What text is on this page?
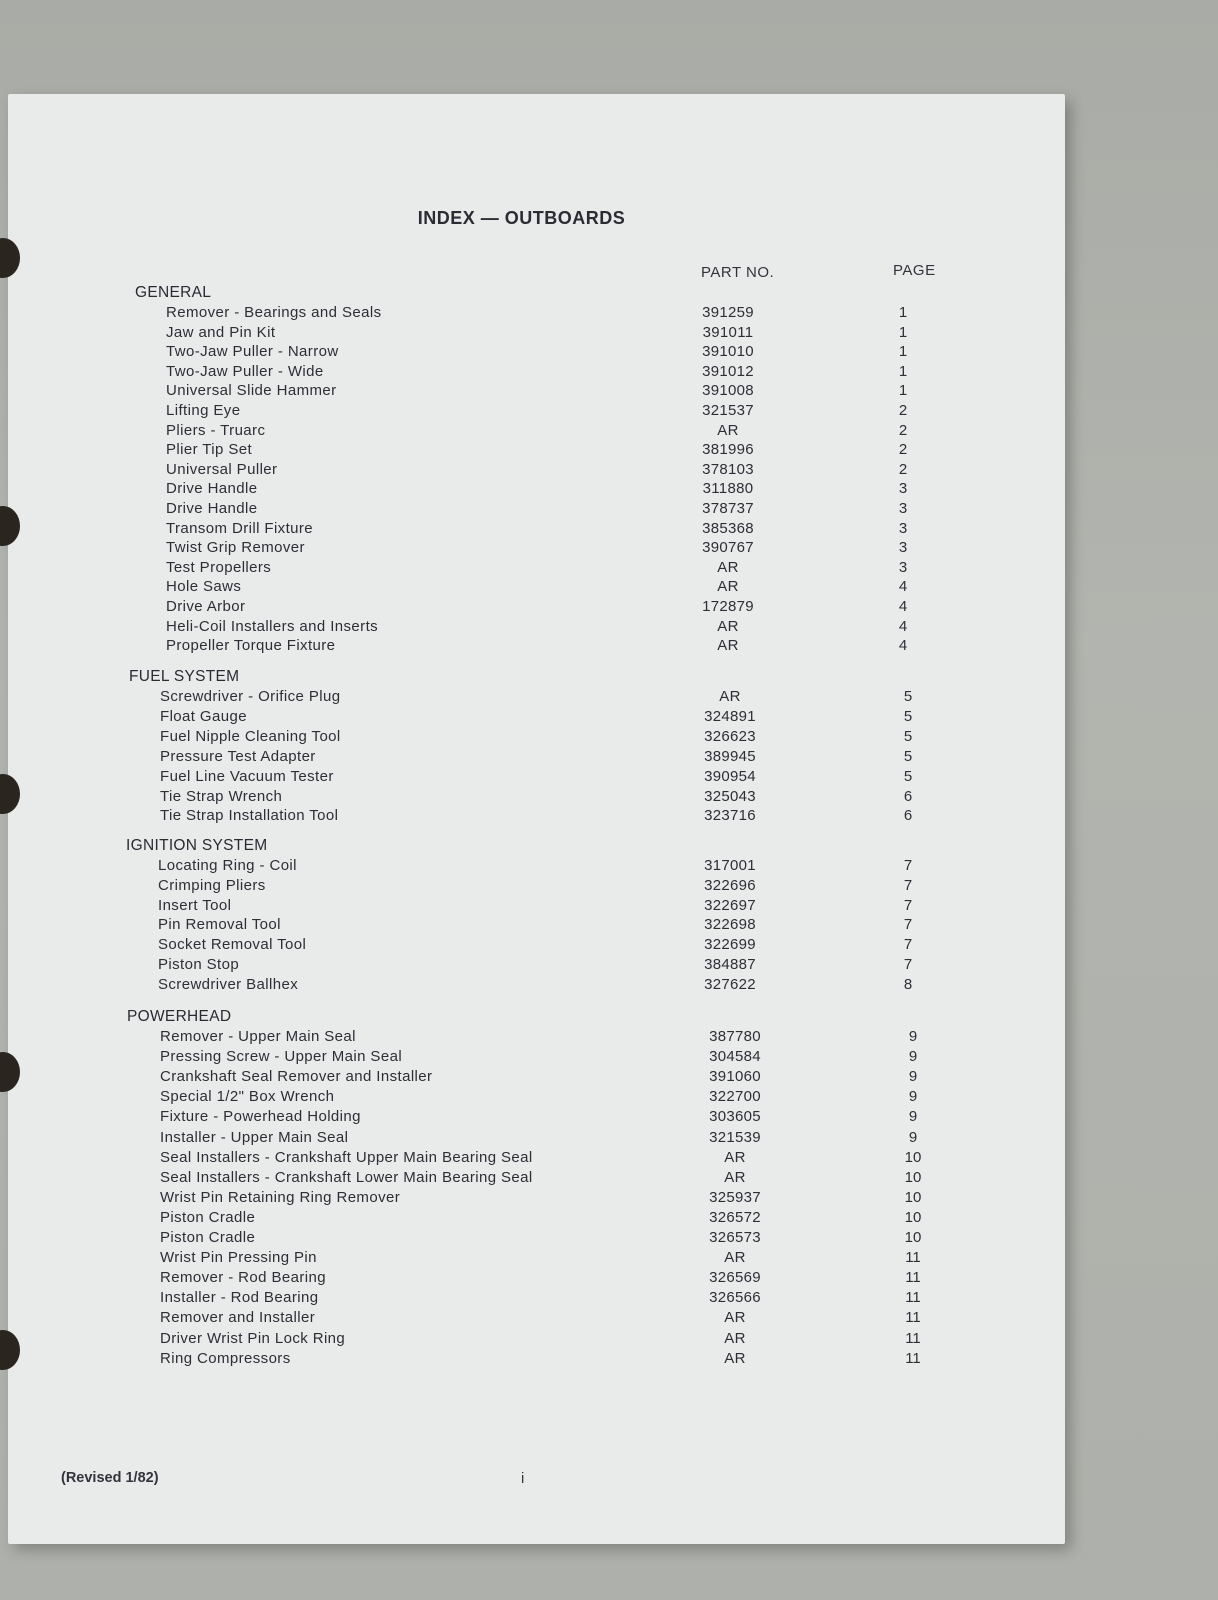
INDEX — OUTBOARDS
PART NO.	PAGE
GENERAL
Remover - Bearings and Seals	391259	1
Jaw and Pin Kit	391011	1
Two-Jaw Puller - Narrow	391010	1
Two-Jaw Puller - Wide	391012	1
Universal Slide Hammer	391008	1
Lifting Eye	321537	2
Pliers - Truarc	AR	2
Plier Tip Set	381996	2
Universal Puller	378103	2
Drive Handle	311880	3
Drive Handle	378737	3
Transom Drill Fixture	385368	3
Twist Grip Remover	390767	3
Test Propellers	AR	3
Hole Saws	AR	4
Drive Arbor	172879	4
Heli-Coil Installers and Inserts	AR	4
Propeller Torque Fixture	AR	4
FUEL SYSTEM
Screwdriver - Orifice Plug	AR	5
Float Gauge	324891	5
Fuel Nipple Cleaning Tool	326623	5
Pressure Test Adapter	389945	5
Fuel Line Vacuum Tester	390954	5
Tie Strap Wrench	325043	6
Tie Strap Installation Tool	323716	6
IGNITION SYSTEM
Locating Ring - Coil	317001	7
Crimping Pliers	322696	7
Insert Tool	322697	7
Pin Removal Tool	322698	7
Socket Removal Tool	322699	7
Piston Stop	384887	7
Screwdriver Ballhex	327622	8
POWERHEAD
Remover - Upper Main Seal	387780	9
Pressing Screw - Upper Main Seal	304584	9
Crankshaft Seal Remover and Installer	391060	9
Special 1/2" Box Wrench	322700	9
Fixture - Powerhead Holding	303605	9
Installer - Upper Main Seal	321539	9
Seal Installers - Crankshaft Upper Main Bearing Seal	AR	10
Seal Installers - Crankshaft Lower Main Bearing Seal	AR	10
Wrist Pin Retaining Ring Remover	325937	10
Piston Cradle	326572	10
Piston Cradle	326573	10
Wrist Pin Pressing Pin	AR	11
Remover - Rod Bearing	326569	11
Installer - Rod Bearing	326566	11
Remover and Installer	AR	11
Driver Wrist Pin Lock Ring	AR	11
Ring Compressors	AR	11
(Revised 1/82)	i
